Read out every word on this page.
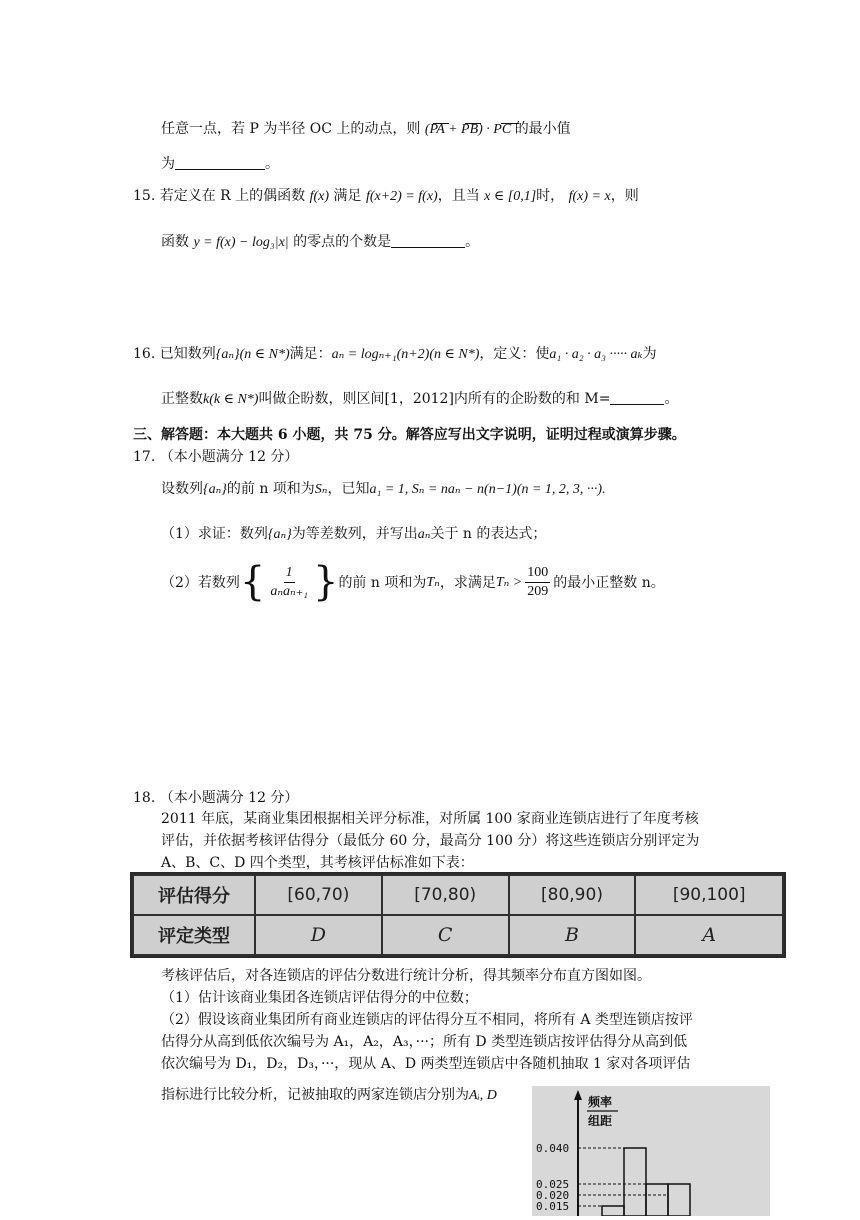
任意一点，若 P 为半径 OC 上的动点，则 (PA + PB) · PC 的最小值
为	。
15. 若定义在 R 上的偶函数 f(x) 满足 f(x+2) = f(x)，且当 x ∈ [0,1]时， f(x) = x，则
函数 y = f(x) − log₃|x| 的零点的个数是	。
16. 已知数列{aₙ}(n ∈ N*)满足：aₙ = logₙ₊₁(n+2)(n ∈ N*)，定义：使a₁ · a₂ · a₃ ····· aₖ为
正整数k(k ∈ N*)叫做企盼数，则区间[1，2012]内所有的企盼数的和 M=	。
三、解答题：本大题共 6 小题，共 75 分。解答应写出文字说明，证明过程或演算步骤。
17. （本小题满分 12 分）
设数列{aₙ}的前 n 项和为Sₙ，已知a₁ = 1, Sₙ = naₙ − n(n−1)(n = 1, 2, 3, ···).
（1）求证：数列{aₙ}为等差数列，并写出aₙ关于 n 的表达式；
（2）若数列 { $\frac{1}{\text{aₙaₙ₊₁}}$ } 的前 n 项和为 Tₙ ，求满足 $T_n > \frac{100}{209}$ 的最小正整数 n。
18. （本小题满分 12 分）
2011 年底，某商业集团根据相关评分标准，对所属 100 家商业连锁店进行了年度考核
评估，并依据考核评估得分（最低分 60 分，最高分 100 分）将这些连锁店分别评定为
A、B、C、D 四个类型，其考核评估标准如下表：
评估得分	[60,70)	[70,80)	[80,90)	[90,100]
评定类型	D	C	B	A
考核评估后，对各连锁店的评估分数进行统计分析，得其频率分布直方图如图。
（1）估计该商业集团各连锁店评估得分的中位数；
（2）假设该商业集团所有商业连锁店的评估得分互不相同，将所有 A 类型连锁店按评
估得分从高到低依次编号为 A₁，A₂，A₃，···；所有 D 类型连锁店按评估得分从高到低
依次编号为 D₁，D₂，D₃，···，现从 A、D 两类型连锁店中各随机抽取 1 家对各项评估
指标进行比较分析，记被抽取的两家连锁店分别为Aᵢ, D	频率
组距
0.040
0.025
0.020
0.015
